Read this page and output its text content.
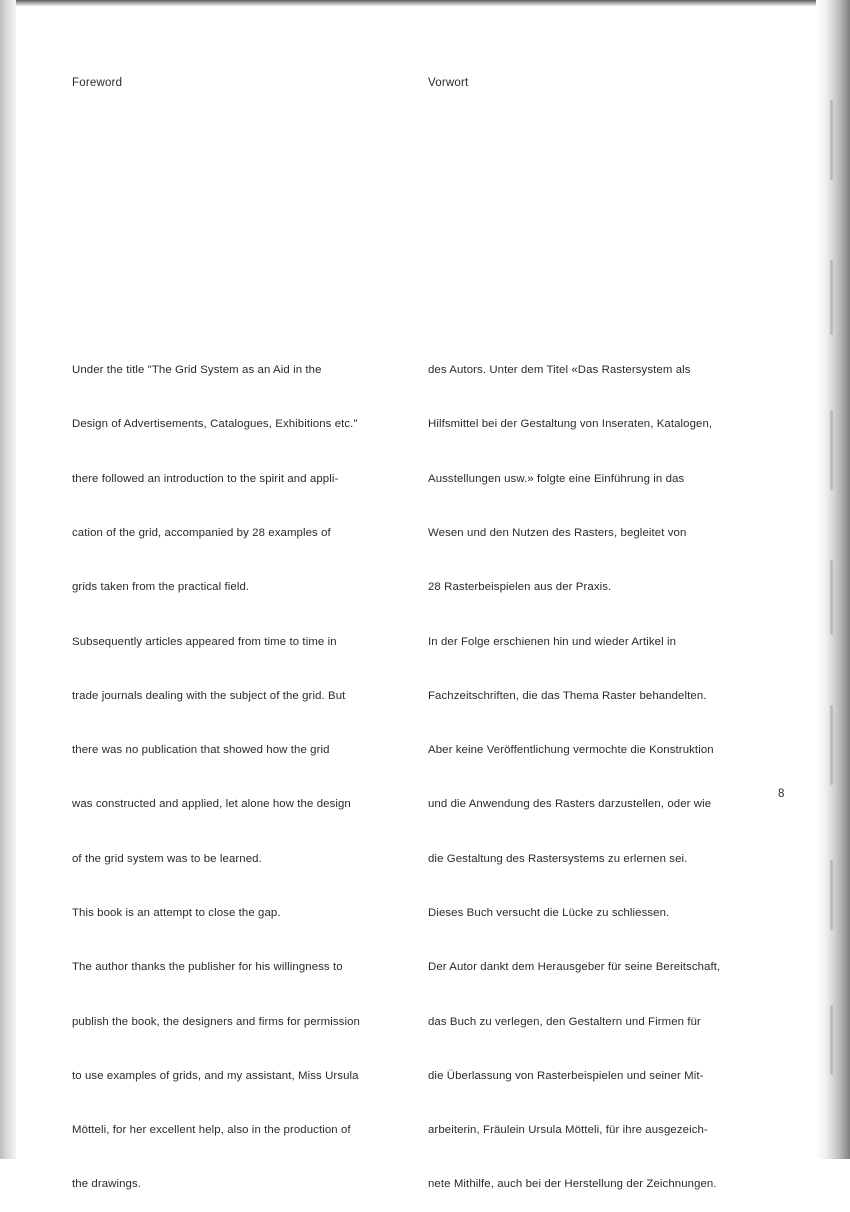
Foreword	Vorwort

Under the title "The Grid System as an Aid in the

Design of Advertisements, Catalogues, Exhibitions etc."

there followed an introduction to the spirit and appli-

cation of the grid, accompanied by 28 examples of

grids taken from the practical field.

Subsequently articles appeared from time to time in

trade journals dealing with the subject of the grid. But

there was no publication that showed how the grid

was constructed and applied, let alone how the design

of the grid system was to be learned.

This book is an attempt to close the gap.

The author thanks the publisher for his willingness to

publish the book, the designers and firms for permission

to use examples of grids, and my assistant, Miss Ursula

Mötteli, for her excellent help, also in the production of

the drawings.

des Autors. Unter dem Titel «Das Rastersystem als

Hilfsmittel bei der Gestaltung von Inseraten, Katalogen,

Ausstellungen usw.» folgte eine Einführung in das

Wesen und den Nutzen des Rasters, begleitet von

28 Rasterbeispielen aus der Praxis.

In der Folge erschienen hin und wieder Artikel in

Fachzeitschriften, die das Thema Raster behandelten.

Aber keine Veröffentlichung vermochte die Konstruktion

und die Anwendung des Rasters darzustellen, oder wie

die Gestaltung des Rastersystems zu erlernen sei.

Dieses Buch versucht die Lücke zu schliessen.

Der Autor dankt dem Herausgeber für seine Bereitschaft,

das Buch zu verlegen, den Gestaltern und Firmen für

die Überlassung von Rasterbeispielen und seiner Mit-

arbeiterin, Fräulein Ursula Mötteli, für ihre ausgezeich-

nete Mithilfe, auch bei der Herstellung der Zeichnungen.

8
